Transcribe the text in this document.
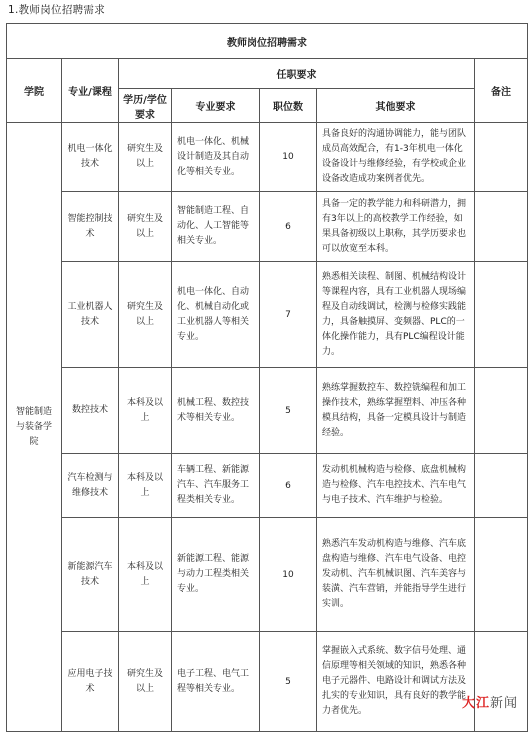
1.教师岗位招聘需求
教师岗位招聘需求						
学院	专业/课程	任职要求				备注
		学历/学位要求	专业要求	职位数	其他要求	
智能制造与装备学院	机电一体化技术	研究生及以上	机电一体化、机械设计制造及其自动化等相关专业。	10	具备良好的沟通协调能力，能与团队成员高效配合，有1-3年机电一体化设备设计与维修经验，有学校或企业设备改造成功案例者优先。	
	智能控制技术	研究生及以上	智能制造工程、自动化、人工智能等相关专业。	6	具备一定的教学能力和科研潜力，拥有3年以上的高校教学工作经验，如果具备初级以上职称，其学历要求也可以放宽至本科。	
	工业机器人技术	研究生及以上	机电一体化、自动化、机械自动化或工业机器人等相关专业。	7	熟悉相关读程、制图、机械结构设计等课程内容，具有工业机器人现场编程及自动线调试，检测与检修实践能力，具备触摸屏、变频器、PLC的一体化操作能力，具有PLC编程设计能力。	
	数控技术	本科及以上	机械工程、数控技术等相关专业。	5	熟练掌握数控车、数控铣编程和加工操作技术，熟练掌握塑料、冲压各种模具结构，具备一定模具设计与制造经验。	
	汽车检测与维修技术	本科及以上	车辆工程、新能源汽车、汽车服务工程类相关专业。	6	发动机机械构造与检修、底盘机械构造与检修、汽车电控技术、汽车电气与电子技术、汽车维护与检验。	
	新能源汽车技术	本科及以上	新能源工程、能源与动力工程类相关专业。	10	熟悉汽车发动机构造与维修、汽车底盘构造与维修、汽车电气设备、电控发动机、汽车机械识图、汽车美容与装潢、汽车营销，并能指导学生进行实训。	
	应用电子技术	研究生及以上	电子工程、电气工程等相关专业。	5	掌握嵌入式系统、数字信号处理、通信原理等相关领域的知识，熟悉各种电子元器件、电路设计和调试方法及扎实的专业知识，具有良好的教学能力者优先。		大江新闻
